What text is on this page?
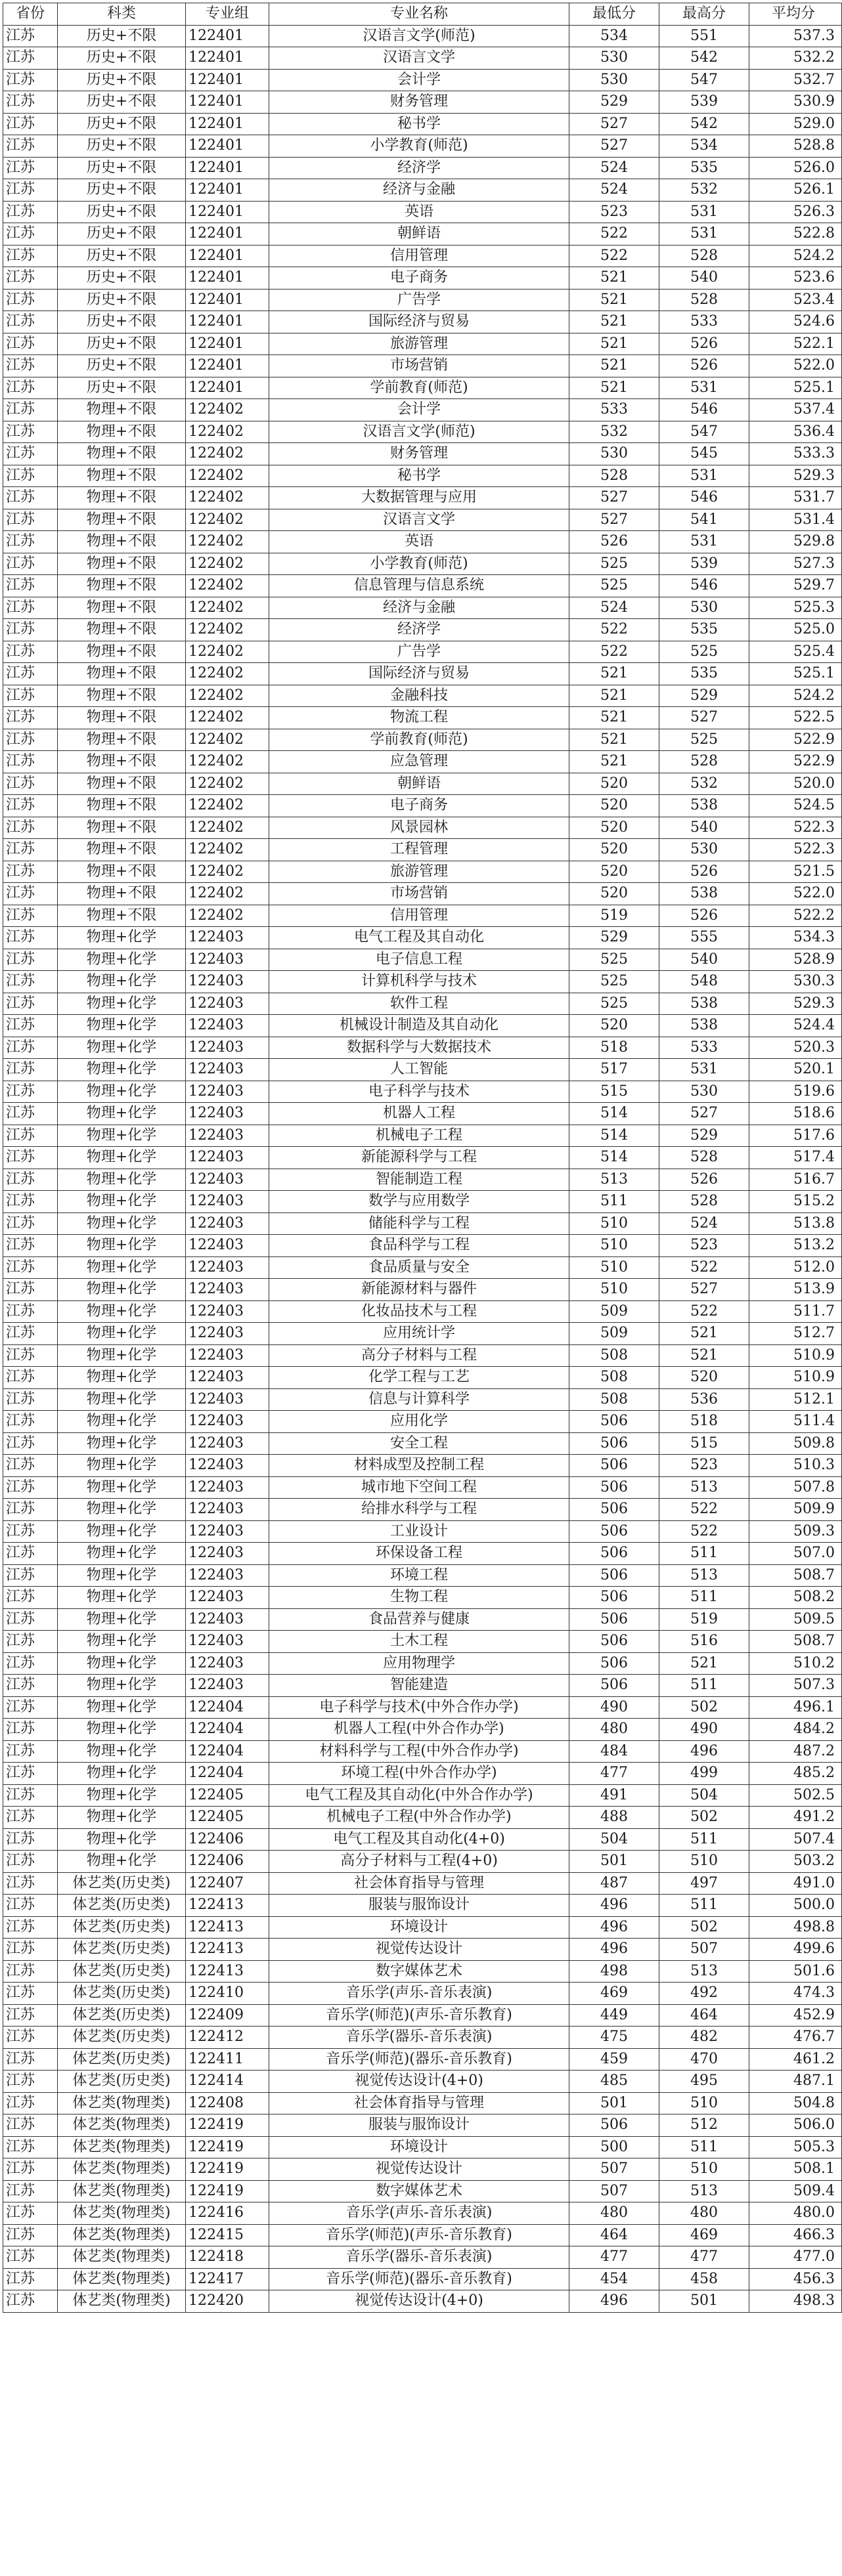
省份	科类	专业组	专业名称	最低分	最高分	平均分
江苏	历史+不限	122401	汉语言文学(师范)	534	551	537.3
江苏	历史+不限	122401	汉语言文学	530	542	532.2
江苏	历史+不限	122401	会计学	530	547	532.7
江苏	历史+不限	122401	财务管理	529	539	530.9
江苏	历史+不限	122401	秘书学	527	542	529.0
江苏	历史+不限	122401	小学教育(师范)	527	534	528.8
江苏	历史+不限	122401	经济学	524	535	526.0
江苏	历史+不限	122401	经济与金融	524	532	526.1
江苏	历史+不限	122401	英语	523	531	526.3
江苏	历史+不限	122401	朝鲜语	522	531	522.8
江苏	历史+不限	122401	信用管理	522	528	524.2
江苏	历史+不限	122401	电子商务	521	540	523.6
江苏	历史+不限	122401	广告学	521	528	523.4
江苏	历史+不限	122401	国际经济与贸易	521	533	524.6
江苏	历史+不限	122401	旅游管理	521	526	522.1
江苏	历史+不限	122401	市场营销	521	526	522.0
江苏	历史+不限	122401	学前教育(师范)	521	531	525.1
江苏	物理+不限	122402	会计学	533	546	537.4
江苏	物理+不限	122402	汉语言文学(师范)	532	547	536.4
江苏	物理+不限	122402	财务管理	530	545	533.3
江苏	物理+不限	122402	秘书学	528	531	529.3
江苏	物理+不限	122402	大数据管理与应用	527	546	531.7
江苏	物理+不限	122402	汉语言文学	527	541	531.4
江苏	物理+不限	122402	英语	526	531	529.8
江苏	物理+不限	122402	小学教育(师范)	525	539	527.3
江苏	物理+不限	122402	信息管理与信息系统	525	546	529.7
江苏	物理+不限	122402	经济与金融	524	530	525.3
江苏	物理+不限	122402	经济学	522	535	525.0
江苏	物理+不限	122402	广告学	522	525	525.4
江苏	物理+不限	122402	国际经济与贸易	521	535	525.1
江苏	物理+不限	122402	金融科技	521	529	524.2
江苏	物理+不限	122402	物流工程	521	527	522.5
江苏	物理+不限	122402	学前教育(师范)	521	525	522.9
江苏	物理+不限	122402	应急管理	521	528	522.9
江苏	物理+不限	122402	朝鲜语	520	532	520.0
江苏	物理+不限	122402	电子商务	520	538	524.5
江苏	物理+不限	122402	风景园林	520	540	522.3
江苏	物理+不限	122402	工程管理	520	530	522.3
江苏	物理+不限	122402	旅游管理	520	526	521.5
江苏	物理+不限	122402	市场营销	520	538	522.0
江苏	物理+不限	122402	信用管理	519	526	522.2
江苏	物理+化学	122403	电气工程及其自动化	529	555	534.3
江苏	物理+化学	122403	电子信息工程	525	540	528.9
江苏	物理+化学	122403	计算机科学与技术	525	548	530.3
江苏	物理+化学	122403	软件工程	525	538	529.3
江苏	物理+化学	122403	机械设计制造及其自动化	520	538	524.4
江苏	物理+化学	122403	数据科学与大数据技术	518	533	520.3
江苏	物理+化学	122403	人工智能	517	531	520.1
江苏	物理+化学	122403	电子科学与技术	515	530	519.6
江苏	物理+化学	122403	机器人工程	514	527	518.6
江苏	物理+化学	122403	机械电子工程	514	529	517.6
江苏	物理+化学	122403	新能源科学与工程	514	528	517.4
江苏	物理+化学	122403	智能制造工程	513	526	516.7
江苏	物理+化学	122403	数学与应用数学	511	528	515.2
江苏	物理+化学	122403	储能科学与工程	510	524	513.8
江苏	物理+化学	122403	食品科学与工程	510	523	513.2
江苏	物理+化学	122403	食品质量与安全	510	522	512.0
江苏	物理+化学	122403	新能源材料与器件	510	527	513.9
江苏	物理+化学	122403	化妆品技术与工程	509	522	511.7
江苏	物理+化学	122403	应用统计学	509	521	512.7
江苏	物理+化学	122403	高分子材料与工程	508	521	510.9
江苏	物理+化学	122403	化学工程与工艺	508	520	510.9
江苏	物理+化学	122403	信息与计算科学	508	536	512.1
江苏	物理+化学	122403	应用化学	506	518	511.4
江苏	物理+化学	122403	安全工程	506	515	509.8
江苏	物理+化学	122403	材料成型及控制工程	506	523	510.3
江苏	物理+化学	122403	城市地下空间工程	506	513	507.8
江苏	物理+化学	122403	给排水科学与工程	506	522	509.9
江苏	物理+化学	122403	工业设计	506	522	509.3
江苏	物理+化学	122403	环保设备工程	506	511	507.0
江苏	物理+化学	122403	环境工程	506	513	508.7
江苏	物理+化学	122403	生物工程	506	511	508.2
江苏	物理+化学	122403	食品营养与健康	506	519	509.5
江苏	物理+化学	122403	土木工程	506	516	508.7
江苏	物理+化学	122403	应用物理学	506	521	510.2
江苏	物理+化学	122403	智能建造	506	511	507.3
江苏	物理+化学	122404	电子科学与技术(中外合作办学)	490	502	496.1
江苏	物理+化学	122404	机器人工程(中外合作办学)	480	490	484.2
江苏	物理+化学	122404	材料科学与工程(中外合作办学)	484	496	487.2
江苏	物理+化学	122404	环境工程(中外合作办学)	477	499	485.2
江苏	物理+化学	122405	电气工程及其自动化(中外合作办学)	491	504	502.5
江苏	物理+化学	122405	机械电子工程(中外合作办学)	488	502	491.2
江苏	物理+化学	122406	电气工程及其自动化(4+0)	504	511	507.4
江苏	物理+化学	122406	高分子材料与工程(4+0)	501	510	503.2
江苏	体艺类(历史类)	122407	社会体育指导与管理	487	497	491.0
江苏	体艺类(历史类)	122413	服装与服饰设计	496	511	500.0
江苏	体艺类(历史类)	122413	环境设计	496	502	498.8
江苏	体艺类(历史类)	122413	视觉传达设计	496	507	499.6
江苏	体艺类(历史类)	122413	数字媒体艺术	498	513	501.6
江苏	体艺类(历史类)	122410	音乐学(声乐-音乐表演)	469	492	474.3
江苏	体艺类(历史类)	122409	音乐学(师范)(声乐-音乐教育)	449	464	452.9
江苏	体艺类(历史类)	122412	音乐学(器乐-音乐表演)	475	482	476.7
江苏	体艺类(历史类)	122411	音乐学(师范)(器乐-音乐教育)	459	470	461.2
江苏	体艺类(历史类)	122414	视觉传达设计(4+0)	485	495	487.1
江苏	体艺类(物理类)	122408	社会体育指导与管理	501	510	504.8
江苏	体艺类(物理类)	122419	服装与服饰设计	506	512	506.0
江苏	体艺类(物理类)	122419	环境设计	500	511	505.3
江苏	体艺类(物理类)	122419	视觉传达设计	507	510	508.1
江苏	体艺类(物理类)	122419	数字媒体艺术	507	513	509.4
江苏	体艺类(物理类)	122416	音乐学(声乐-音乐表演)	480	480	480.0
江苏	体艺类(物理类)	122415	音乐学(师范)(声乐-音乐教育)	464	469	466.3
江苏	体艺类(物理类)	122418	音乐学(器乐-音乐表演)	477	477	477.0
江苏	体艺类(物理类)	122417	音乐学(师范)(器乐-音乐教育)	454	458	456.3
江苏	体艺类(物理类)	122420	视觉传达设计(4+0)	496	501	498.3
